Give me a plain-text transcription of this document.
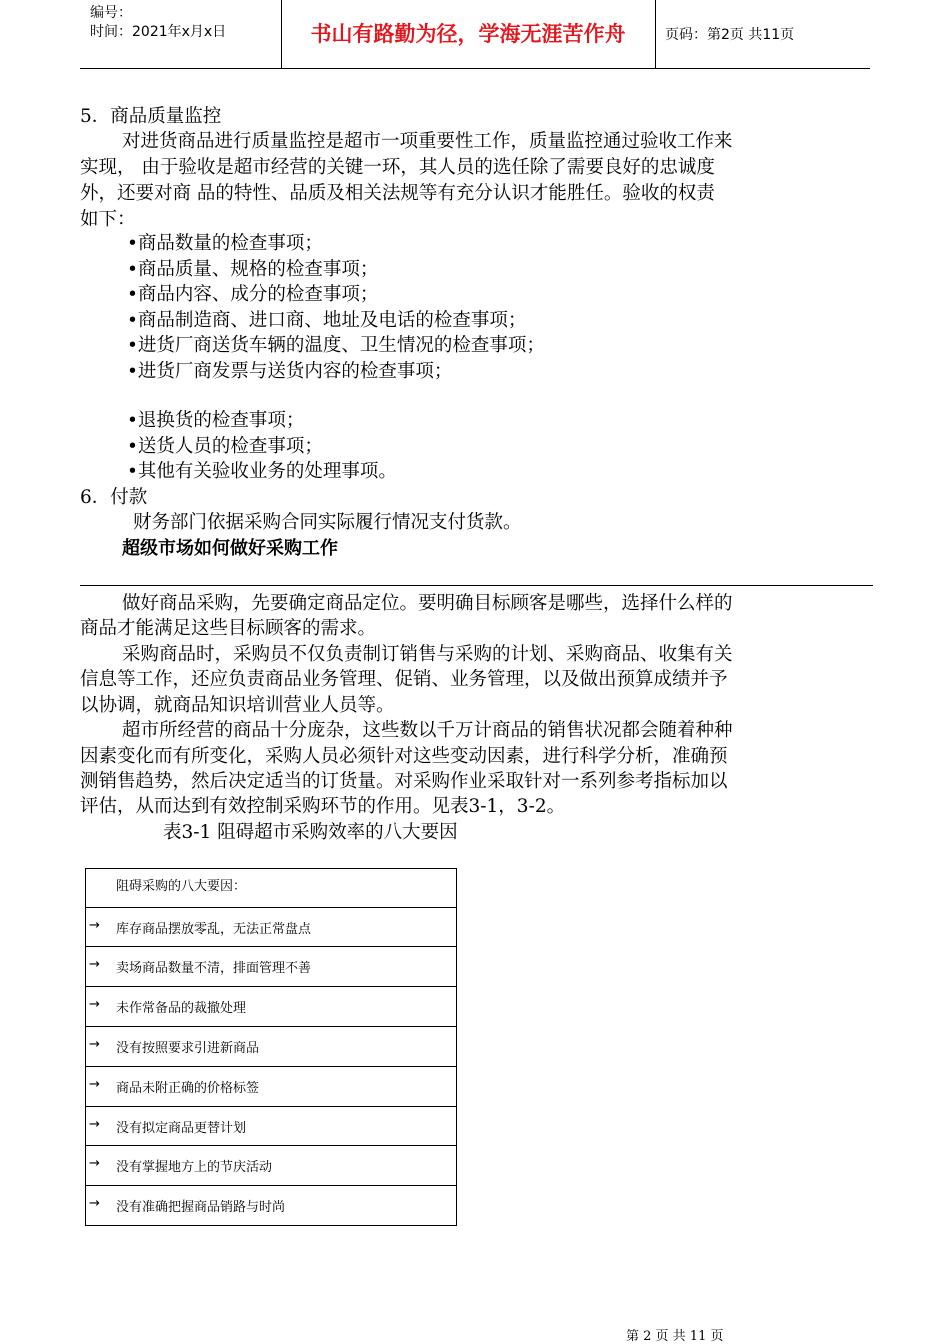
编号：
时间：2021年x月x日	书山有路勤为径，学海无涯苦作舟	页码：第2页 共11页
5．商品质量监控
对进货商品进行质量监控是超市一项重要性工作，质量监控通过验收工作来
实现， 由于验收是超市经营的关键一环，其人员的选任除了需要良好的忠诚度
外，还要对商 品的特性、品质及相关法规等有充分认识才能胜任。验收的权责
如下：
•商品数量的检查事项；
•商品质量、规格的检查事项；
•商品内容、成分的检查事项；
•商品制造商、进口商、地址及电话的检查事项；
•进货厂商送货车辆的温度、卫生情况的检查事项；
•进货厂商发票与送货内容的检查事项；
•退换货的检查事项；
•送货人员的检查事项；
•其他有关验收业务的处理事项。
6．付款
财务部门依据采购合同实际履行情况支付货款。
超级市场如何做好采购工作
做好商品采购，先要确定商品定位。要明确目标顾客是哪些，选择什么样的
商品才能满足这些目标顾客的需求。
采购商品时，采购员不仅负责制订销售与采购的计划、采购商品、收集有关
信息等工作，还应负责商品业务管理、促销、业务管理，以及做出预算成绩并予
以协调，就商品知识培训营业人员等。
超市所经营的商品十分庞杂，这些数以千万计商品的销售状况都会随着种种
因素变化而有所变化，采购人员必须针对这些变动因素，进行科学分析，准确预
测销售趋势，然后决定适当的订货量。对采购作业采取针对一系列参考指标加以
评估，从而达到有效控制采购环节的作用。见表3-1，3-2。
表3-1 阻碍超市采购效率的八大要因
阻碍采购的八大要因：
→ 库存商品摆放零乱，无法正常盘点
→ 卖场商品数量不清，排面管理不善
→ 未作常备品的裁撤处理
→ 没有按照要求引进新商品
→ 商品未附正确的价格标签
→ 没有拟定商品更替计划
→ 没有掌握地方上的节庆活动
→ 没有准确把握商品销路与时尚
第 2 页 共 11 页
